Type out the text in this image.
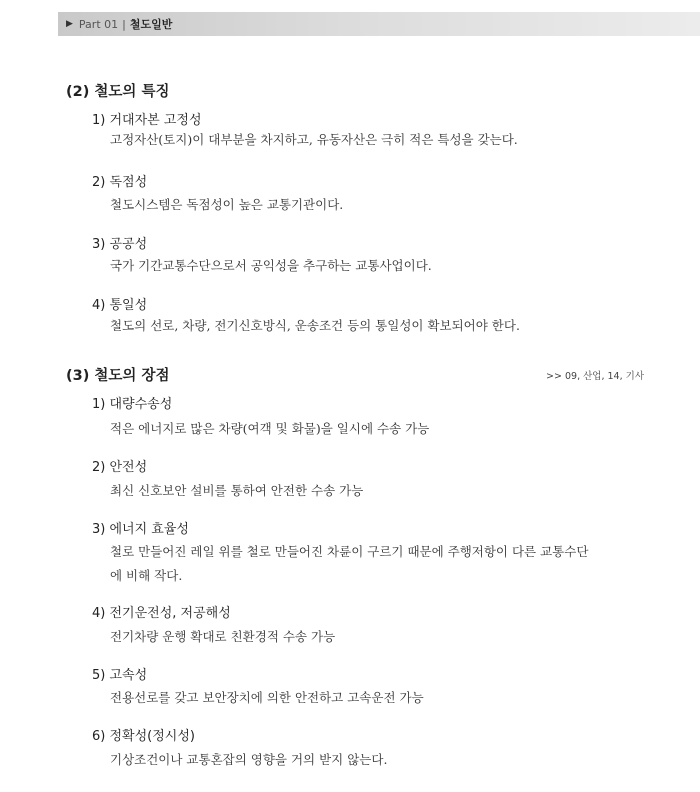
▶ Part 01 | 철도일반
(2) 철도의 특징
1) 거대자본 고정성
고정자산(토지)이 대부분을 차지하고, 유동자산은 극히 적은 특성을 갖는다.
2) 독점성
철도시스템은 독점성이 높은 교통기관이다.
3) 공공성
국가 기간교통수단으로서 공익성을 추구하는 교통사업이다.
4) 통일성
철도의 선로, 차량, 전기신호방식, 운송조건 등의 통일성이 확보되어야 한다.
(3) 철도의 장점	>> 09, 산업, 14, 기사
1) 대량수송성
적은 에너지로 많은 차량(여객 및 화물)을 일시에 수송 가능
2) 안전성
최신 신호보안 설비를 통하여 안전한 수송 가능
3) 에너지 효율성
철로 만들어진 레일 위를 철로 만들어진 차륜이 구르기 때문에 주행저항이 다른 교통수단
에 비해 작다.
4) 전기운전성, 저공해성
전기차량 운행 확대로 친환경적 수송 가능
5) 고속성
전용선로를 갖고 보안장치에 의한 안전하고 고속운전 가능
6) 정확성(정시성)
기상조건이나 교통혼잡의 영향을 거의 받지 않는다.
